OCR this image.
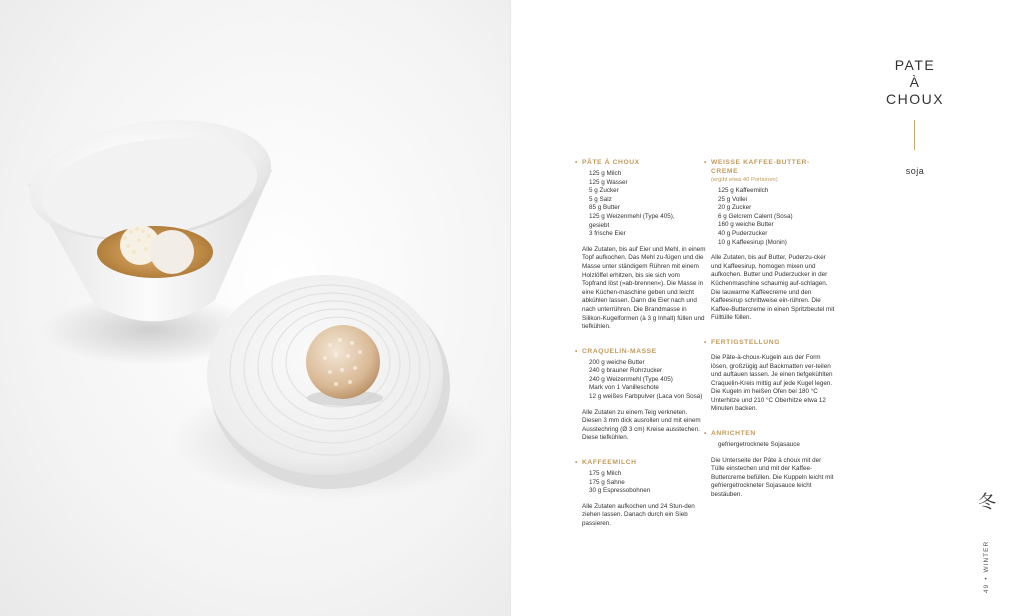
PATE
À
CHOUX
soja
• PÂTE À CHOUX
125 g Milch
125 g Wasser
5 g Zucker
5 g Salz
85 g Butter
125 g Weizenmehl (Type 405),
gesiebt
3 frische Eier

Alle Zutaten, bis auf Eier und Mehl, in einem Topf aufkochen. Das Mehl zu-fügen und die Masse unter ständigem Rühren mit einem Holzlöffel erhitzen, bis sie sich vom Topfrand löst (»ab-brennen«). Die Masse in eine Küchen-maschine geben und leicht abkühlen lassen. Dann die Eier nach und nach unterrühren. Die Brandmasse in Silikon-Kugelformen (à 3 g Inhalt) füllen und tiefkühlen.

• CRAQUELIN-MASSE
200 g weiche Butter
240 g brauner Rohrzucker
240 g Weizenmehl (Type 405)
Mark von 1 Vanilleschote
12 g weißes Farbpulver (Laca von Sosa)

Alle Zutaten zu einem Teig verkneten. Diesen 3 mm dick ausrollen und mit einem Ausstechring (Ø 3 cm) Kreise ausstechen. Diese tiefkühlen.

• KAFFEEMILCH
175 g Milch
175 g Sahne
30 g Espressobohnen

Alle Zutaten aufkochen und 24 Stun-den ziehen lassen. Danach durch ein Sieb passieren.

• WEISSE KAFFEE-BUTTER-CREME
(ergibt etwa 40 Portionen)
125 g Kaffeemilch
25 g Vollei
20 g Zucker
6 g Gelcrem Calent (Sosa)
160 g weiche Butter
40 g Puderzucker
10 g Kaffeesirup (Monin)

Alle Zutaten, bis auf Butter, Puderzu-cker und Kaffeesirup, homogen mixen und aufkochen. Butter und Puderzucker in der Küchenmaschine schaumig auf-schlagen. Die lauwarme Kaffeecreme und den Kaffeesirup schrittweise ein-rühren. Die Kaffee-Buttercreme in einen Spritzbeutel mit Fülltülle füllen.

• FERTIGSTELLUNG

Die Pâte-à-choux-Kugeln aus der Form lösen, großzügig auf Backmatten ver-teilen und auftauen lassen. Je einen tiefgekühlten Craquelin-Kreis mittig auf jede Kugel legen. Die Kugeln im heißen Ofen bei 180 °C Unterhitze und 210 °C Oberhitze etwa 12 Minuten backen.

• ANRICHTEN
gefriergetrocknete Sojasauce

Die Unterseite der Pâte à choux mit der Tülle einstechen und mit der Kaffee-Buttercreme befüllen. Die Kuppeln leicht mit gefriergetrockneter Sojasauce leicht bestäuben.	冬
49•WINTER
